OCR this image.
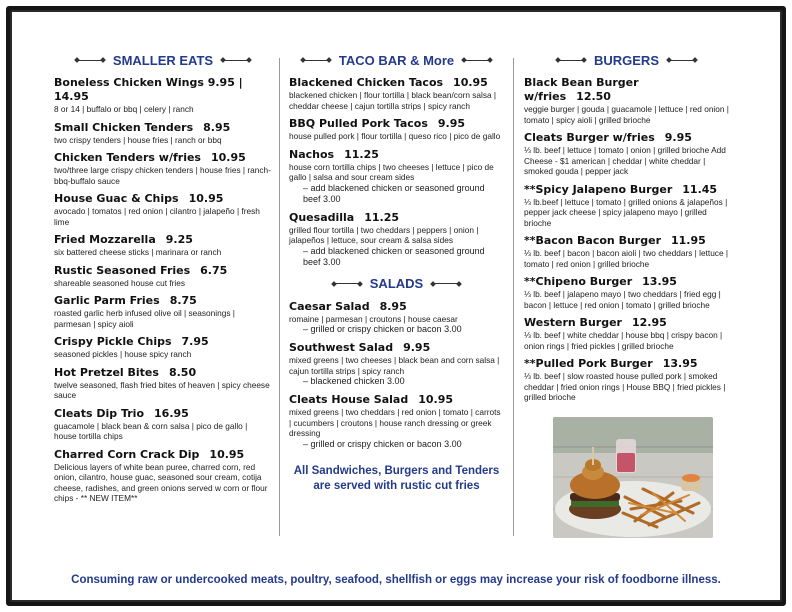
SMALLER EATS
Boneless Chicken Wings 9.95 | 14.95
8 or 14 | buffalo or bbq | celery | ranch
Small Chicken Tenders 8.95
two crispy tenders | house fries | ranch or bbq
Chicken Tenders w/fries 10.95
two/three large crispy chicken tenders | house fries | ranch-bbq-buffalo sauce
House Guac & Chips 10.95
avocado | tomatos | red onion | cilantro | jalapeño | fresh lime
Fried Mozzarella 9.25
six battered cheese sticks | marinara or ranch
Rustic Seasoned Fries 6.75
shareable seasoned house cut fries
Garlic Parm Fries 8.75
roasted garlic herb infused olive oil | seasonings | parmesan | spicy aioli
Crispy Pickle Chips 7.95
seasoned pickles | house spicy ranch
Hot Pretzel Bites 8.50
twelve seasoned, flash fried bites of heaven | spicy cheese sauce
Cleats Dip Trio 16.95
guacamole | black bean & corn salsa | pico de gallo | house tortilla chips
Charred Corn Crack Dip 10.95
Delicious layers of white bean puree, charred corn, red onion, cilantro, house guac, seasoned sour cream, cotija cheese, radishes, and green onions served w corn or flour chips - ** NEW ITEM**
TACO BAR & More
Blackened Chicken Tacos 10.95
blackened chicken | flour tortilla | black bean/corn salsa | cheddar cheese | cajun tortilla strips | spicy ranch
BBQ Pulled Pork Tacos 9.95
house pulled pork | flour tortilla | queso rico | pico de gallo
Nachos 11.25
house corn tortilla chips | two cheeses | lettuce | pico de gallo | salsa and sour cream sides
– add blackened chicken or seasoned ground beef 3.00
Quesadilla 11.25
grilled flour tortilla | two cheddars | peppers | onion | jalapeños | lettuce, sour cream & salsa sides
– add blackened chicken or seasoned ground beef 3.00
SALADS
Caesar Salad 8.95
romaine | parmesan | croutons | house caesar
– grilled or crispy chicken or bacon 3.00
Southwest Salad 9.95
mixed greens | two cheeses | black bean and corn salsa | cajun tortilla strips | spicy ranch
– blackened chicken 3.00
Cleats House Salad 10.95
mixed greens | two cheddars | red onion | tomato | carrots | cucumbers | croutons | house ranch dressing or greek dressing
– grilled or crispy chicken or bacon 3.00
All Sandwiches, Burgers and Tenders are served with rustic cut fries
BURGERS
Black Bean Burger w/fries 12.50
veggie burger | gouda | guacamole | lettuce | red onion | tomato | spicy aioli | grilled brioche
Cleats Burger w/fries 9.95
⅓ lb. beef | lettuce | tomato | onion | grilled brioche Add Cheese - $1 american | cheddar | white cheddar | smoked gouda | pepper jack
**Spicy Jalapeno Burger 11.45
⅓ lb.beef | lettuce | tomato | grilled onions & jalapeños | pepper jack cheese | spicy jalapeno mayo | grilled brioche
**Bacon Bacon Burger 11.95
⅓ lb. beef | bacon | bacon aioli | two cheddars | lettuce | tomato | red onion | grilled brioche
**Chipeno Burger 13.95
⅓ lb. beef | jalapeno mayo | two cheddars | fried egg | bacon | lettuce | red onion | tomato | grilled brioche
Western Burger 12.95
⅓ lb. beef | white cheddar | house bbq | crispy bacon | onion rings | fried pickles | grilled brioche
**Pulled Pork Burger 13.95
⅓ lb. beef | slow roasted house pulled pork | smoked cheddar | fried onion rings | House BBQ | fried pickles | grilled brioche
Consuming raw or undercooked meats, poultry, seafood, shellfish or eggs may increase your risk of foodborne illness.
